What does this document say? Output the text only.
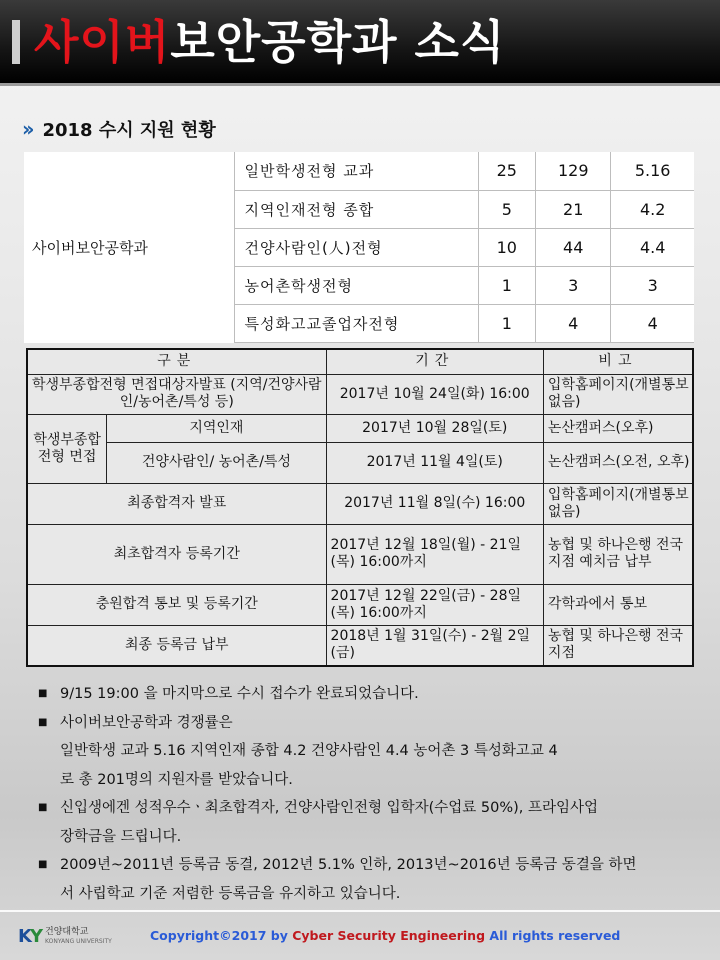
사이버보안공학과 소식
›› 2018 수시 지원 현황
사이버보안공학과	일반학생전형 교과	25	129	5.16
	지역인재전형 종합	5	21	4.2
	건양사람인(人)전형	10	44	4.4
	농어촌학생전형	1	3	3
	특성화고교졸업자전형	1	4	4
구분		기간	비고
학생부종합전형 면접대상자발표 (지역/건양사람인/농어촌/특성 등)		2017년 10월 24일(화) 16:00	입학홈페이지(개별통보 없음)
학생부종합전형 면접	지역인재	2017년 10월 28일(토)	논산캠퍼스(오후)
	건양사람인/ 농어촌/특성	2017년 11월 4일(토)	논산캠퍼스(오전, 오후)
최종합격자 발표		2017년 11월 8일(수) 16:00	입학홈페이지(개별통보 없음)
최초합격자 등록기간		2017년 12월 18일(월) - 21일(목) 16:00까지	농협 및 하나은행 전국지점 예치금 납부
충원합격 통보 및 등록기간		2017년 12월 22일(금) - 28일(목) 16:00까지	각학과에서 통보
최종 등록금 납부		2018년 1월 31일(수) - 2월 2일(금)	농협 및 하나은행 전국지점
■ 9/15 19:00 을 마지막으로 수시 접수가 완료되었습니다.
■ 사이버보안공학과 경쟁률은
일반학생 교과 5.16 지역인재 종합 4.2 건양사람인 4.4 농어촌 3 특성화고교 4
로 총 201명의 지원자를 받았습니다.
■ 신입생에겐 성적우수ㆍ최초합격자, 건양사람인전형 입학자(수업료 50%), 프라임사업
장학금을 드립니다.
■ 2009년~2011년 등록금 동결, 2012년 5.1% 인하, 2013년~2016년 등록금 동결을 하면
서 사립학교 기준 저렴한 등록금을 유지하고 있습니다.
KY 건양대학교
KONYANG UNIVERSITY	Copyright©2017 by Cyber Security Engineering All rights reserved
